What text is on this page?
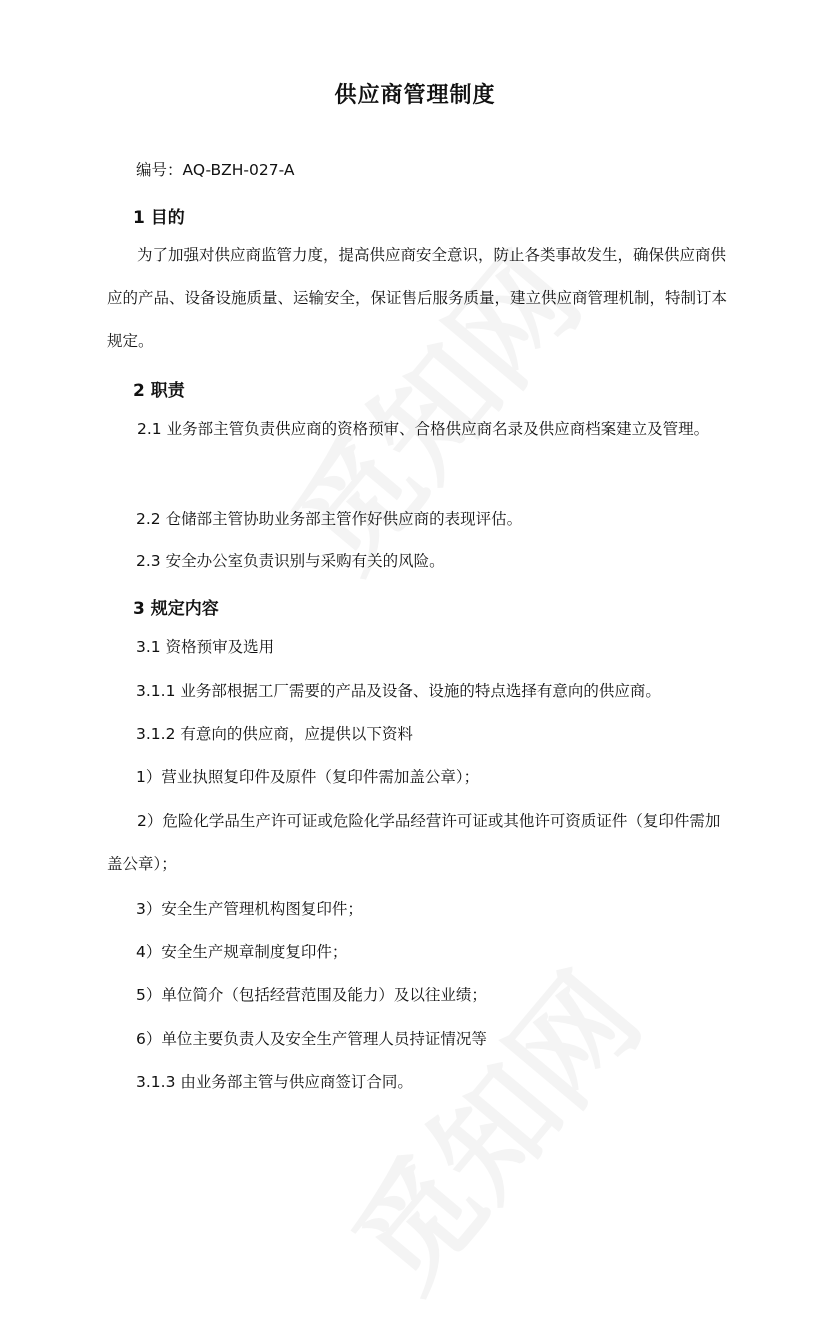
供应商管理制度
编号：AQ-BZH-027-A
1 目的
为了加强对供应商监管力度，提高供应商安全意识，防止各类事故发生，确保供应商供应的产品、设备设施质量、运输安全，保证售后服务质量，建立供应商管理机制，特制订本规定。
2 职责
2.1 业务部主管负责供应商的资格预审、合格供应商名录及供应商档案建立及管理。
2.2 仓储部主管协助业务部主管作好供应商的表现评估。
2.3 安全办公室负责识别与采购有关的风险。
3 规定内容
3.1 资格预审及选用
3.1.1 业务部根据工厂需要的产品及设备、设施的特点选择有意向的供应商。
3.1.2 有意向的供应商，应提供以下资料
1）营业执照复印件及原件（复印件需加盖公章）；
2）危险化学品生产许可证或危险化学品经营许可证或其他许可资质证件（复印件需加盖公章）；
3）安全生产管理机构图复印件；
4）安全生产规章制度复印件；
5）单位简介（包括经营范围及能力）及以往业绩；
6）单位主要负责人及安全生产管理人员持证情况等
3.1.3 由业务部主管与供应商签订合同。
